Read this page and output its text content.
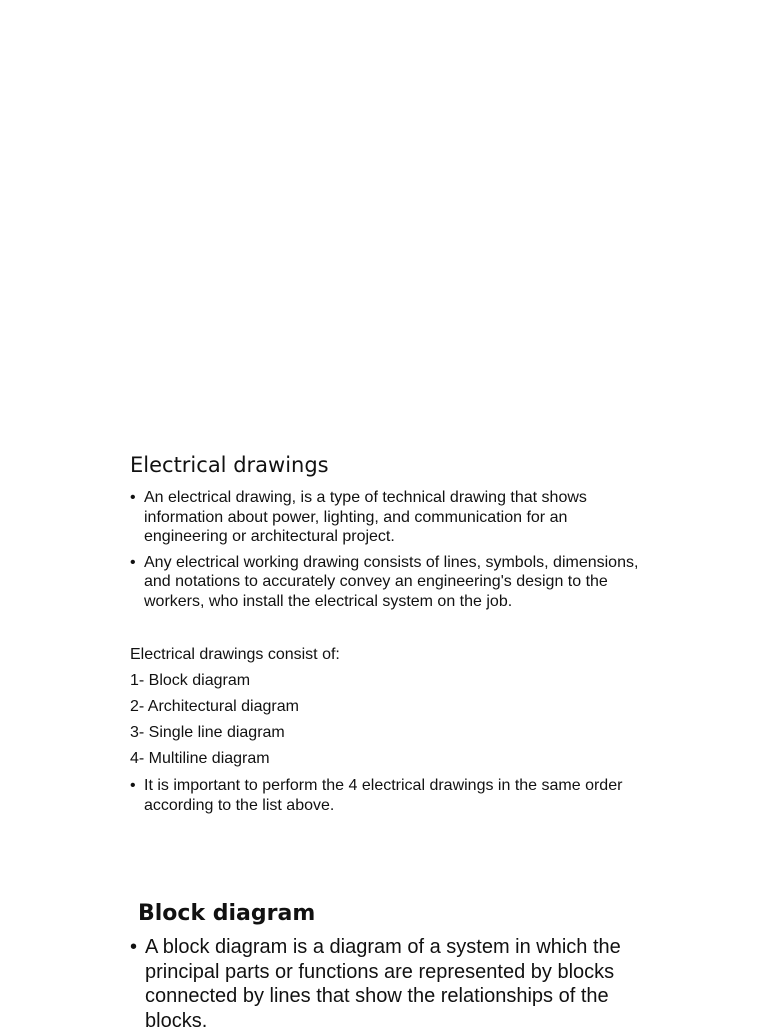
Electrical drawings
• An electrical drawing, is a type of technical drawing that shows information about power, lighting, and communication for an engineering or architectural project.
• Any electrical working drawing consists of lines, symbols, dimensions, and notations to accurately convey an engineering's design to the workers, who install the electrical system on the job.

Electrical drawings consist of:

1- Block diagram

2- Architectural diagram

3- Single line diagram

4- Multiline diagram

• It is important to perform the 4 electrical drawings in the same order according to the list above.
Block diagram
• A block diagram is a diagram of a system in which the principal parts or functions are represented by blocks connected by lines that show the relationships of the blocks.
